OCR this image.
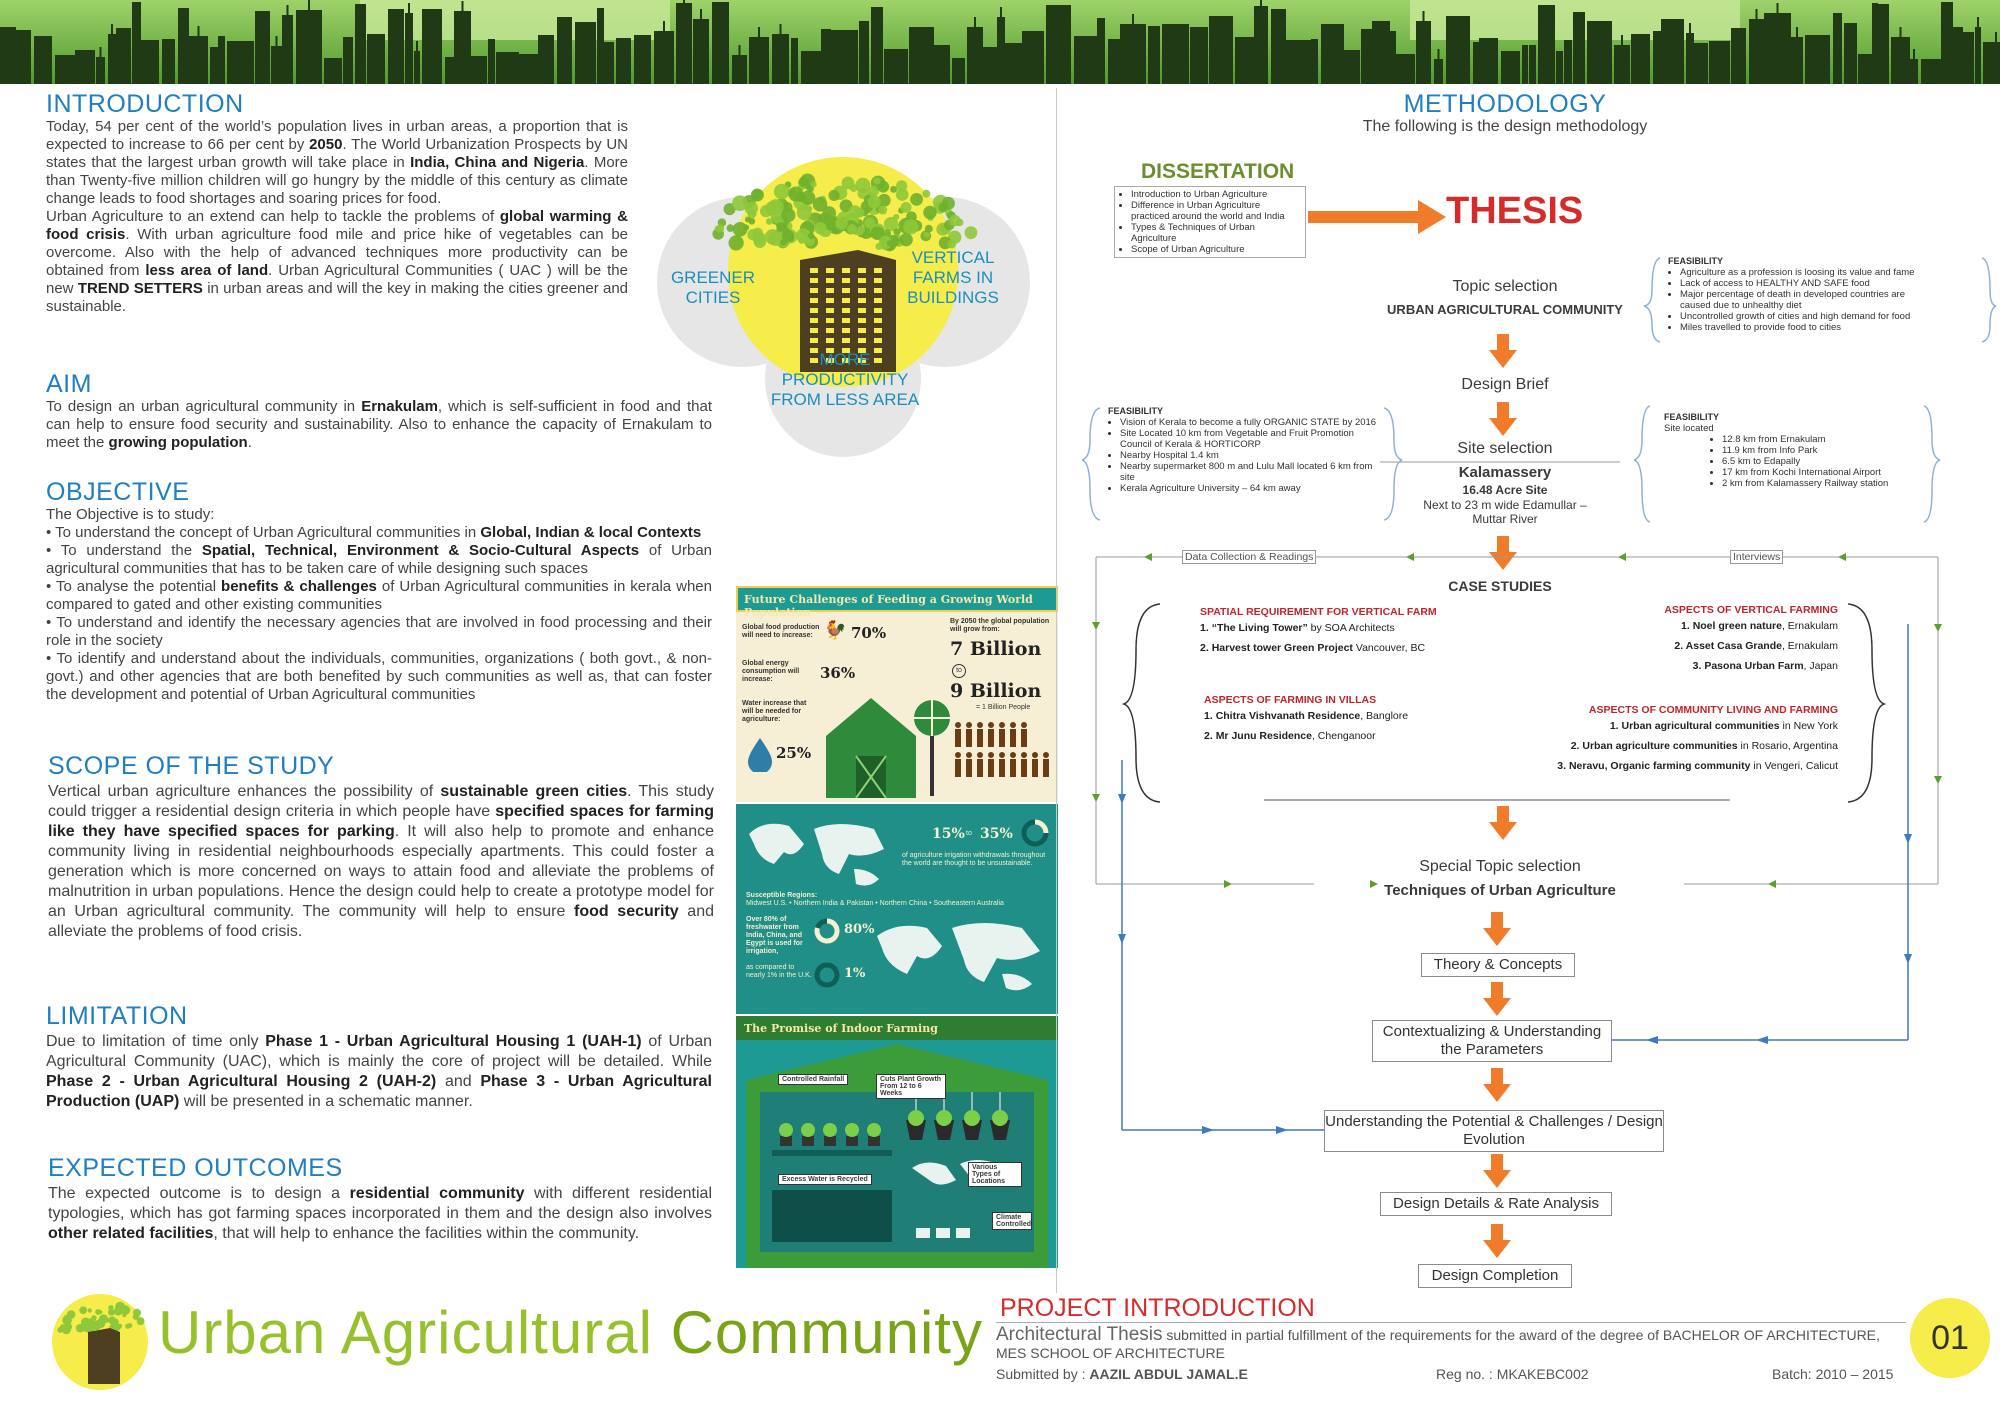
INTRODUCTION
Today, 54 per cent of the world’s population lives in urban areas, a proportion that is expected to increase to 66 per cent by 2050. The World Urbanization Prospects by UN states that the largest urban growth will take place in India, China and Nigeria. More than Twenty-five million children will go hungry by the middle of this century as climate change leads to food shortages and soaring prices for food.
Urban Agriculture to an extend can help to tackle the problems of global warming & food crisis. With urban agriculture food mile and price hike of vegetables can be overcome. Also with the help of advanced techniques more productivity can be obtained from less area of land. Urban Agricultural Communities ( UAC ) will be the new TREND SETTERS in urban areas and will the key in making the cities greener and sustainable.
GREENER CITIES
VERTICAL FARMS IN BUILDINGS
MORE PRODUCTIVITY FROM LESS AREA
AIM
To design an urban agricultural community in Ernakulam, which is self-sufficient in food and that can help to ensure food security and sustainability. Also to enhance the capacity of Ernakulam to meet the growing population.
OBJECTIVE
The Objective is to study:
• To understand the concept of Urban Agricultural communities in Global, Indian & local Contexts
• To understand the Spatial, Technical, Environment & Socio-Cultural Aspects of Urban agricultural communities that has to be taken care of while designing such spaces
• To analyse the potential benefits & challenges of Urban Agricultural communities in kerala when compared to gated and other existing communities
• To understand and identify the necessary agencies that are involved in food processing and their role in the society
• To identify and understand about the individuals, communities, organizations ( both govt., & non-govt.) and other agencies that are both benefited by such communities as well as, that can foster the development and potential of Urban Agricultural communities
SCOPE OF THE STUDY
Vertical urban agriculture enhances the possibility of sustainable green cities. This study could trigger a residential design criteria in which people have specified spaces for farming like they have specified spaces for parking. It will also help to promote and enhance community living in residential neighbourhoods especially apartments. This could foster a generation which is more concerned on ways to attain food and alleviate the problems of malnutrition in urban populations. Hence the design could help to create a prototype model for an Urban agricultural community. The community will help to ensure food security and alleviate the problems of food crisis.
LIMITATION
Due to limitation of time only Phase 1 - Urban Agricultural Housing 1 (UAH-1) of Urban Agricultural Community (UAC), which is mainly the core of project will be detailed. While Phase 2 - Urban Agricultural Housing 2 (UAH-2) and Phase 3 - Urban Agricultural Production (UAP) will be presented in a schematic manner.
EXPECTED OUTCOMES
The expected outcome is to design a residential community with different residential typologies, which has got farming spaces incorporated in them and the design also involves other related facilities, that will help to enhance the facilities within the community.
Future Challenges of Feeding a Growing World Population
Global food production will need to increase: 🐓 70%
Global energy consumption will increase:	36%
Water increase that will be needed for agriculture:
25%
By 2050 the global population will grow from:
7 Billion
to
9 Billion
= 1 Billion People
15% to 35%
of agriculture irrigation withdrawals throughout the world are thought to be unsustainable.
Susceptible Regions:
Midwest U.S. • Northern India & Pakistan • Northern China • Southeastern Australia
Over 80% of freshwater from India, China, and Egypt is used for irrigation,
80%
as compared to nearly 1% in the U.K. 1%
The Promise of Indoor Farming
Controlled Rainfall	Cuts Plant Growth From 12 to 6 Weeks
Excess Water is Recycled
Various Types of Locations
Climate Controlled
METHODOLOGY
The following is the design methodology
DISSERTATION
• Introduction to Urban Agriculture
• Difference in Urban Agriculture practiced around the world and India
• Types & Techniques of Urban Agriculture
• Scope of Urban Agriculture
THESIS
Topic selection
URBAN AGRICULTURAL COMMUNITY
FEASIBILITY
• Agriculture as a profession is loosing its value and fame
• Lack of access to HEALTHY AND SAFE food
• Major percentage of death in developed countries are caused due to unhealthy diet
• Uncontrolled growth of cities and high demand for food
• Miles travelled to provide food to cities
Design Brief
FEASIBILITY
• Vision of Kerala to become a fully ORGANIC STATE by 2016
• Site Located 10 km from Vegetable and Fruit Promotion Council of Kerala & HORTICORP
• Nearby Hospital 1.4 km
• Nearby supermarket 800 m and Lulu Mall located 6 km from site
• Kerala Agriculture University – 64 km away
Site selection
Kalamassery
16.48 Acre Site
Next to 23 m wide Edamullar – Muttar River
FEASIBILITY
Site located
• 12.8 km from Ernakulam
• 11.9 km from Info Park
• 6.5 km to Edapally
• 17 km from Kochi International Airport
• 2 km from Kalamassery Railway station
Data Collection & Readings	Interviews
CASE STUDIES
SPATIAL REQUIREMENT FOR VERTICAL FARM
1. “The Living Tower” by SOA Architects
2. Harvest tower Green Project Vancouver, BC
ASPECTS OF VERTICAL FARMING
1. Noel green nature, Ernakulam
2. Asset Casa Grande, Ernakulam
3. Pasona Urban Farm, Japan
ASPECTS OF FARMING IN VILLAS
1. Chitra Vishvanath Residence, Banglore
2. Mr Junu Residence, Chenganoor
ASPECTS OF COMMUNITY LIVING AND FARMING
1. Urban agricultural communities in New York
2. Urban agriculture communities in Rosario, Argentina
3. Neravu, Organic farming community in Vengeri, Calicut
Special Topic selection
Techniques of Urban Agriculture
Theory & Concepts
Contextualizing & Understanding the Parameters
Understanding the Potential & Challenges / Design Evolution
Design Details & Rate Analysis
Design Completion
Urban Agricultural Community PROJECT INTRODUCTION
Architectural Thesis submitted in partial fulfillment of the requirements for the award of the degree of BACHELOR OF ARCHITECTURE, MES SCHOOL OF ARCHITECTURE
Submitted by : AAZIL ABDUL JAMAL.E	Reg no. : MKAKEBC002	Batch: 2010 – 2015
01
